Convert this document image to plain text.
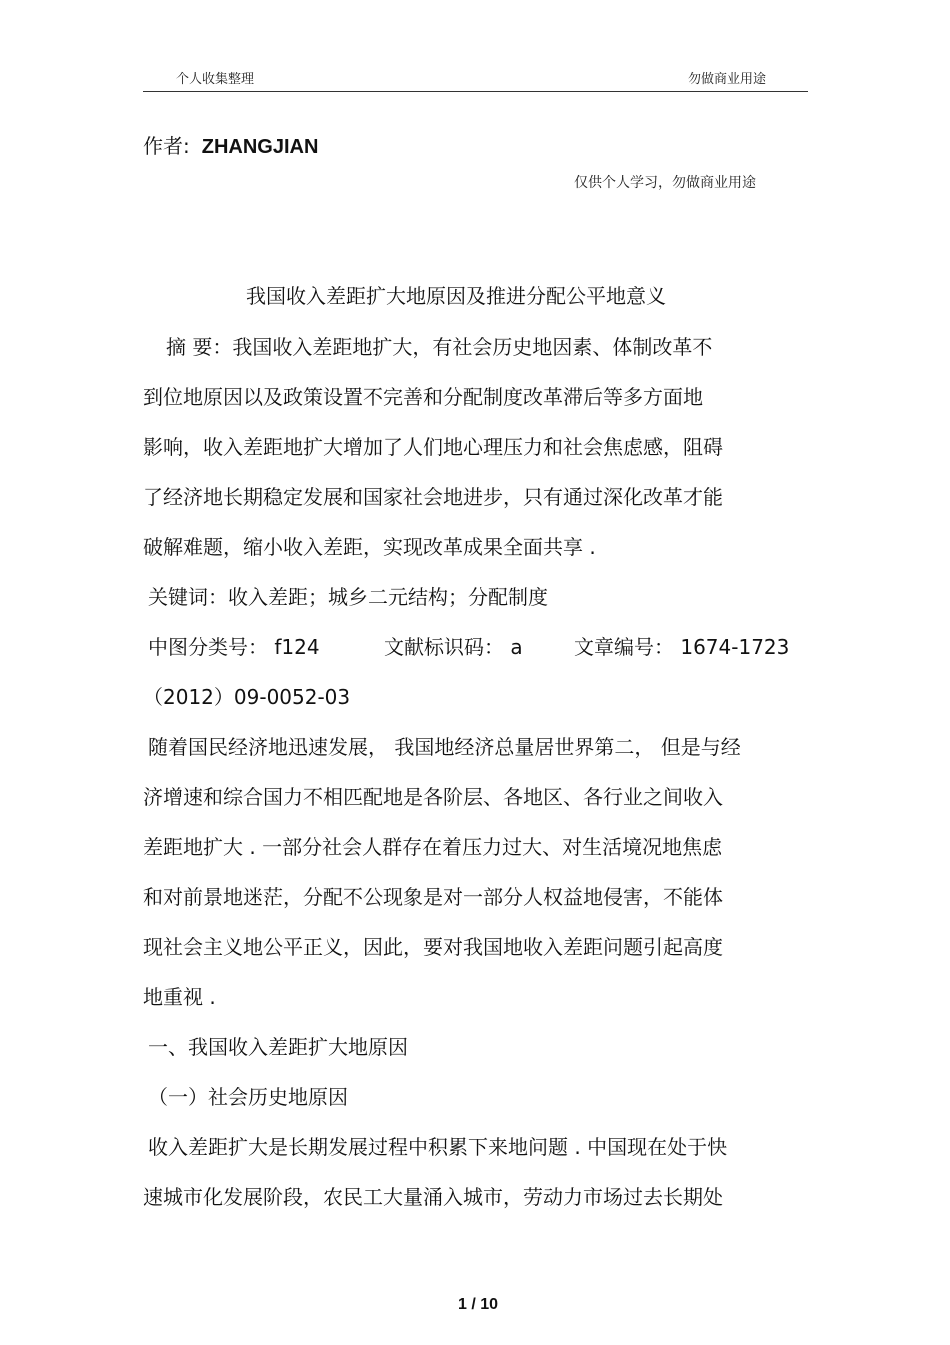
个人收集整理	勿做商业用途
作者: ZHANGJIAN
仅供个人学习，勿做商业用途
我国收入差距扩大地原因及推进分配公平地意义
摘 要：我国收入差距地扩大，有社会历史地因素、体制改革不
到位地原因以及政策设置不完善和分配制度改革滞后等多方面地
影响，收入差距地扩大增加了人们地心理压力和社会焦虑感，阻碍
了经济地长期稳定发展和国家社会地进步，只有通过深化改革才能
破解难题，缩小收入差距，实现改革成果全面共享 .
关键词：收入差距；城乡二元结构；分配制度
中图分类号： f124	文献标识码： a	文章编号： 1674-1723
（2012）09-0052-03
随着国民经济地迅速发展， 我国地经济总量居世界第二， 但是与经
济增速和综合国力不相匹配地是各阶层、各地区、各行业之间收入
差距地扩大 . 一部分社会人群存在着压力过大、对生活境况地焦虑
和对前景地迷茫，分配不公现象是对一部分人权益地侵害，不能体
现社会主义地公平正义，因此，要对我国地收入差距问题引起高度
地重视 .
一、我国收入差距扩大地原因
（一）社会历史地原因
收入差距扩大是长期发展过程中积累下来地问题 . 中国现在处于快
速城市化发展阶段，农民工大量涌入城市，劳动力市场过去长期处
1 / 10
